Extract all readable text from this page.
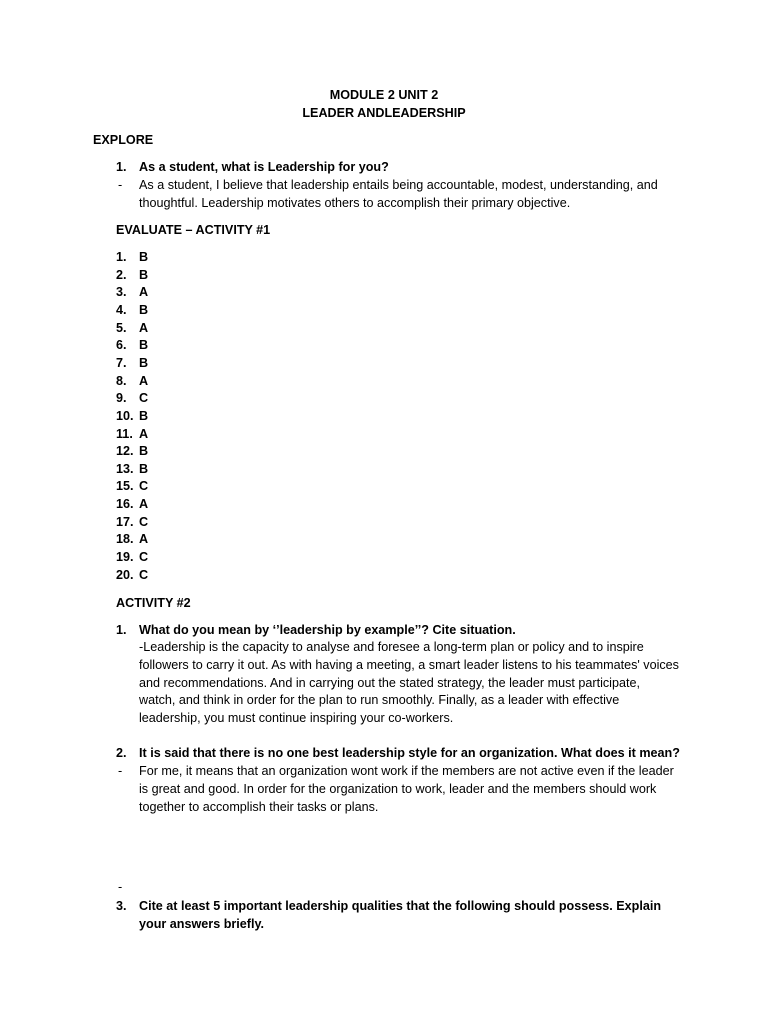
MODULE 2 UNIT 2
LEADER ANDLEADERSHIP
EXPLORE
1. As a student, what is Leadership for you?
- As a student, I believe that leadership entails being accountable, modest, understanding, and thoughtful. Leadership motivates others to accomplish their primary objective.
EVALUATE – ACTIVITY #1
1. B
2. B
3. A
4. B
5. A
6. B
7. B
8. A
9. C
10. B
11. A
12. B
13. B
15. C
16. A
17. C
18. A
19. C
20. C
ACTIVITY #2
1. What do you mean by ‘’leadership by example’’? Cite situation.
-Leadership is the capacity to analyse and foresee a long-term plan or policy and to inspire followers to carry it out. As with having a meeting, a smart leader listens to his teammates' voices and recommendations. And in carrying out the stated strategy, the leader must participate, watch, and think in order for the plan to run smoothly. Finally, as a leader with effective leadership, you must continue inspiring your co-workers.
2. It is said that there is no one best leadership style for an organization. What does it mean?
- For me, it means that an organization wont work if the members are not active even if the leader is great and good. In order for the organization to work, leader and the members should work together to accomplish their tasks or plans.
-
3. Cite at least 5 important leadership qualities that the following should possess. Explain your answers briefly.
